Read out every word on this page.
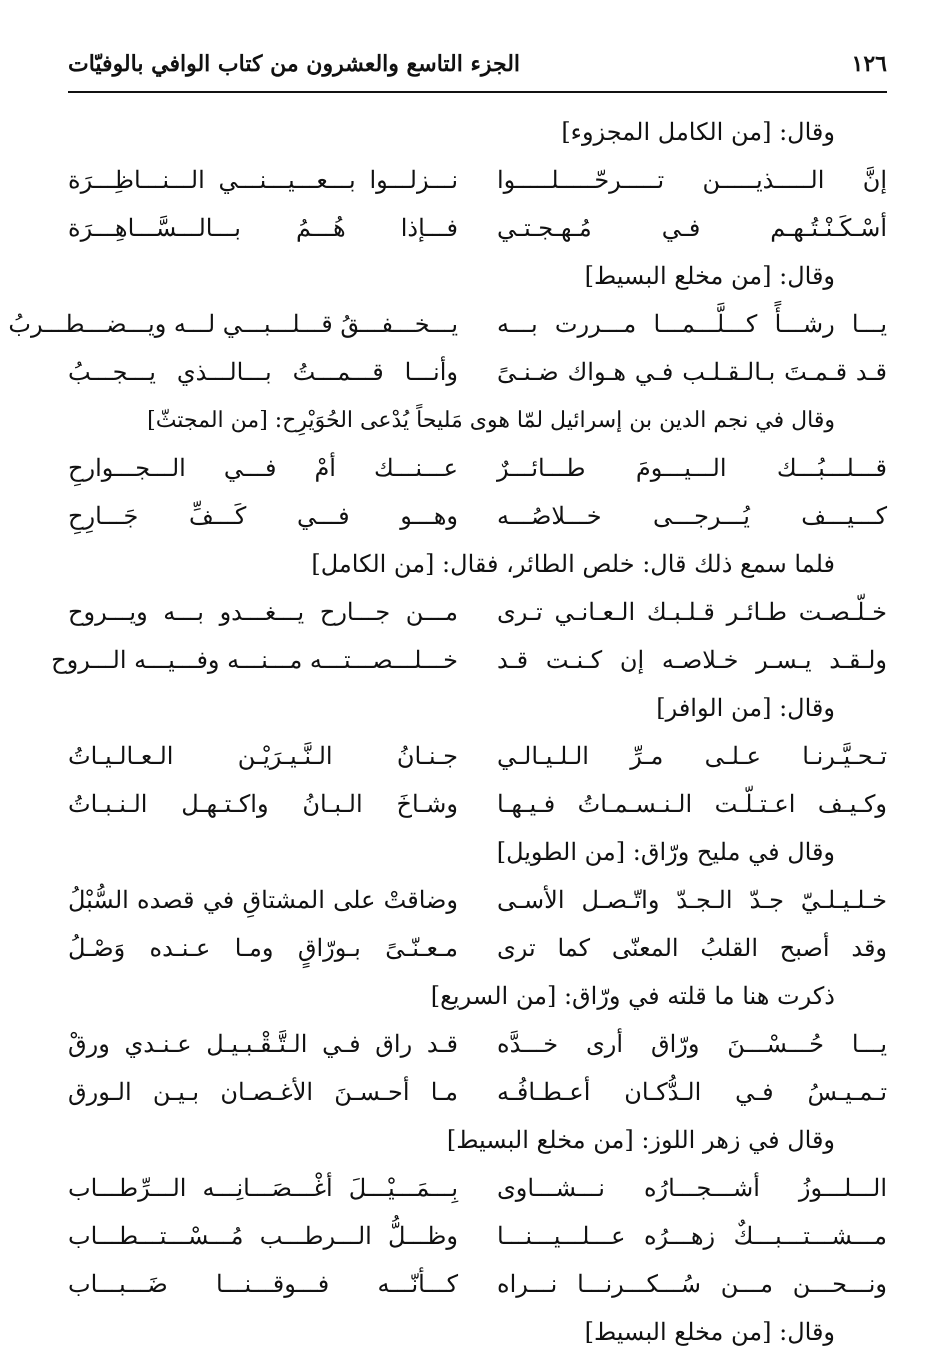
١٢٦
الجزء التاسع والعشرون من كتاب الوافي بالوفيّات
وقال: [من الكامل المجزوء]
إنَّ الـــــذيـــــن تـــــرحّـــــلـــــوا
نـــزلـــوا بـــعـــيـــنـــي الـــنـــاظِـــرَة
أسْـكَـنْـتُـهـم فـي مُـهـجـتـي
فـــإذا هُـــمُ بـــالـــسَّـــاهِـــرَة
وقال: [من مخلع البسيط]
يـــا رشـــأً كـــلَّـــمـــا مـــررت بـــه
يـــخـــفـــقُ قـــلـــبـــي لـــه ويـــضـــطـــربُ
قـد قـمـتَ بـالـقـلـب فـي هـواك ضـنـىً
وأنـــا قـــمـــتُ بـــالـــذي يـــجـــبُ
وقال في نجم الدين بن إسرائيل لمّا هوى مَليحاً يُدْعى الحُوَيْرِح: [من المجتثّ]
قـــلـــبُـــك الـــيـــومَ طـــائـــرٌ
عـــنـــك أمْ فـــي الـــجـــوارحِ
كـــيـــف يُـــرجـــى خـــلاصُـــه
وهـــو فـــي كَـــفِّ جَـــارِحِ
فلما سمع ذلك قال: خلص الطائر، فقال: [من الكامل]
خـلّـصـت طـائـر قـلـبـك الـعـانـي تـرى
مـــن جـــارح يـــغـــدو بـــه ويـــروح
ولـقـد يـسـر خـلاصـه إن كـنـت قـد
خـــلـــصـــتـــه مـــنـــه وفـــيـــه الـــروح
وقال: [من الوافر]
تـحـيَّـرنـا عـلـى مـرِّ الـلـيـالـي
جـنـانُ الـنَّـيـرَيْـن الـعـالـيـاتُ
وكـيـف اعـتـلّـت الـنـسـمـاتُ فـيـهـا
وشـاخَ الـبـانُ واكـتـهـل الـنـبـاتُ
وقال في مليح ورّاق: [من الطويل]
خـلـيـلـيّ جـدّ الـجـدّ واتّـصـل الأسـى
وضاقتْ على المشتاقِ في قصده السُّبْلُ
وقد أصبح القلبُ المعنّى كما ترى
مـعـنّـىً بـورّاقٍ ومـا عـنـده وَصْـلُ
ذكرت هنا ما قلته في ورّاق: [من السريع]
يـــا حُـــسْـــنَ ورّاق أرى خـــدَّه
قـد راق فـي الـتَّـقْـبـيـل عـنـدي ورقْ
تـمـيـسُ فـي الـدُّكـان أعـطـافُـه
مـا أحـسـنَ الأغـصـان بـيـن الـورق
وقال في زهر اللوز: [من مخلع البسيط]
الـــلـــوزُ أشـــجـــارُه نـــشـــاوى
بِـــمَـــيْـــلَ أغْـــصَـــانِـــه الـــرِّطـــاب
مـــشـــتـــبـــكٌ زهـــرُه عـــلـــيـــنـــا
وظـــلُّ الـــرطـــب مُـــسْـــتـــطـــاب
ونـــحـــن مـــن سُـــكـــرنـــا نـــراه
كـــأنّـــه فـــوقـــنـــا ضَـــبـــاب
وقال: [من مخلع البسيط]
